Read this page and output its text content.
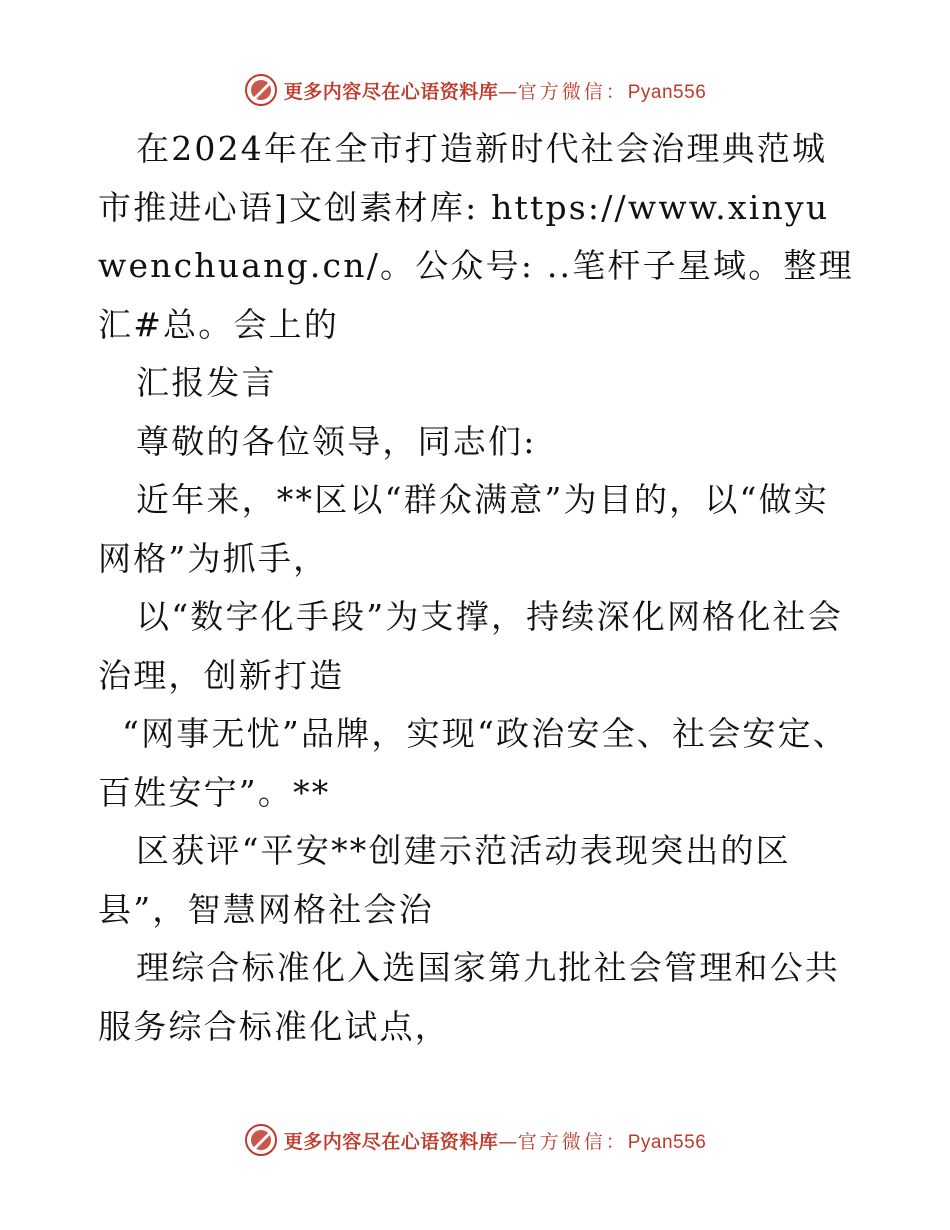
更多内容尽在心语资料库—官方微信：Pyan556

在2024年在全市打造新时代社会治理典范城市推进心语]文创素材库: https://www.xinyuwenchuang.cn/。公众号: ..笔杆子星域。整理汇#总。会上的

汇报发言

尊敬的各位领导，同志们:

近年来，**区以“群众满意”为目的，以“做实网格”为抓手，

以“数字化手段”为支撑，持续深化网格化社会治理，创新打造

“网事无忧”品牌，实现“政治安全、社会安定、百姓安宁”。**

区获评“平安**创建示范活动表现突出的区县”，智慧网格社会治

理综合标准化入选国家第九批社会管理和公共服务综合标准化试点，

更多内容尽在心语资料库—官方微信：Pyan556
